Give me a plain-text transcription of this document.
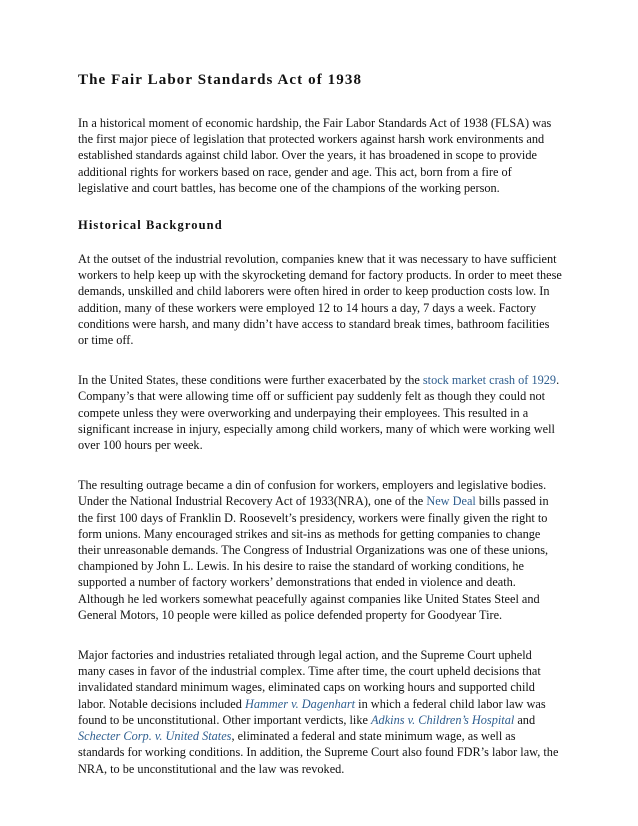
The Fair Labor Standards Act of 1938

In a historical moment of economic hardship, the Fair Labor Standards Act of 1938 (FLSA) was the first major piece of legislation that protected workers against harsh work environments and established standards against child labor. Over the years, it has broadened in scope to provide additional rights for workers based on race, gender and age. This act, born from a fire of legislative and court battles, has become one of the champions of the working person.

Historical Background

At the outset of the industrial revolution, companies knew that it was necessary to have sufficient workers to help keep up with the skyrocketing demand for factory products. In order to meet these demands, unskilled and child laborers were often hired in order to keep production costs low. In addition, many of these workers were employed 12 to 14 hours a day, 7 days a week. Factory conditions were harsh, and many didn’t have access to standard break times, bathroom facilities or time off.

In the United States, these conditions were further exacerbated by the stock market crash of 1929. Company’s that were allowing time off or sufficient pay suddenly felt as though they could not compete unless they were overworking and underpaying their employees. This resulted in a significant increase in injury, especially among child workers, many of which were working well over 100 hours per week.

The resulting outrage became a din of confusion for workers, employers and legislative bodies. Under the National Industrial Recovery Act of 1933(NRA), one of the New Deal bills passed in the first 100 days of Franklin D. Roosevelt’s presidency, workers were finally given the right to form unions. Many encouraged strikes and sit-ins as methods for getting companies to change their unreasonable demands. The Congress of Industrial Organizations was one of these unions, championed by John L. Lewis. In his desire to raise the standard of working conditions, he supported a number of factory workers’ demonstrations that ended in violence and death. Although he led workers somewhat peacefully against companies like United States Steel and General Motors, 10 people were killed as police defended property for Goodyear Tire.

Major factories and industries retaliated through legal action, and the Supreme Court upheld many cases in favor of the industrial complex. Time after time, the court upheld decisions that invalidated standard minimum wages, eliminated caps on working hours and supported child labor. Notable decisions included Hammer v. Dagenhart in which a federal child labor law was found to be unconstitutional. Other important verdicts, like Adkins v. Children’s Hospital and Schecter Corp. v. United States, eliminated a federal and state minimum wage, as well as standards for working conditions. In addition, the Supreme Court also found FDR’s labor law, the NRA, to be unconstitutional and the law was revoked.
